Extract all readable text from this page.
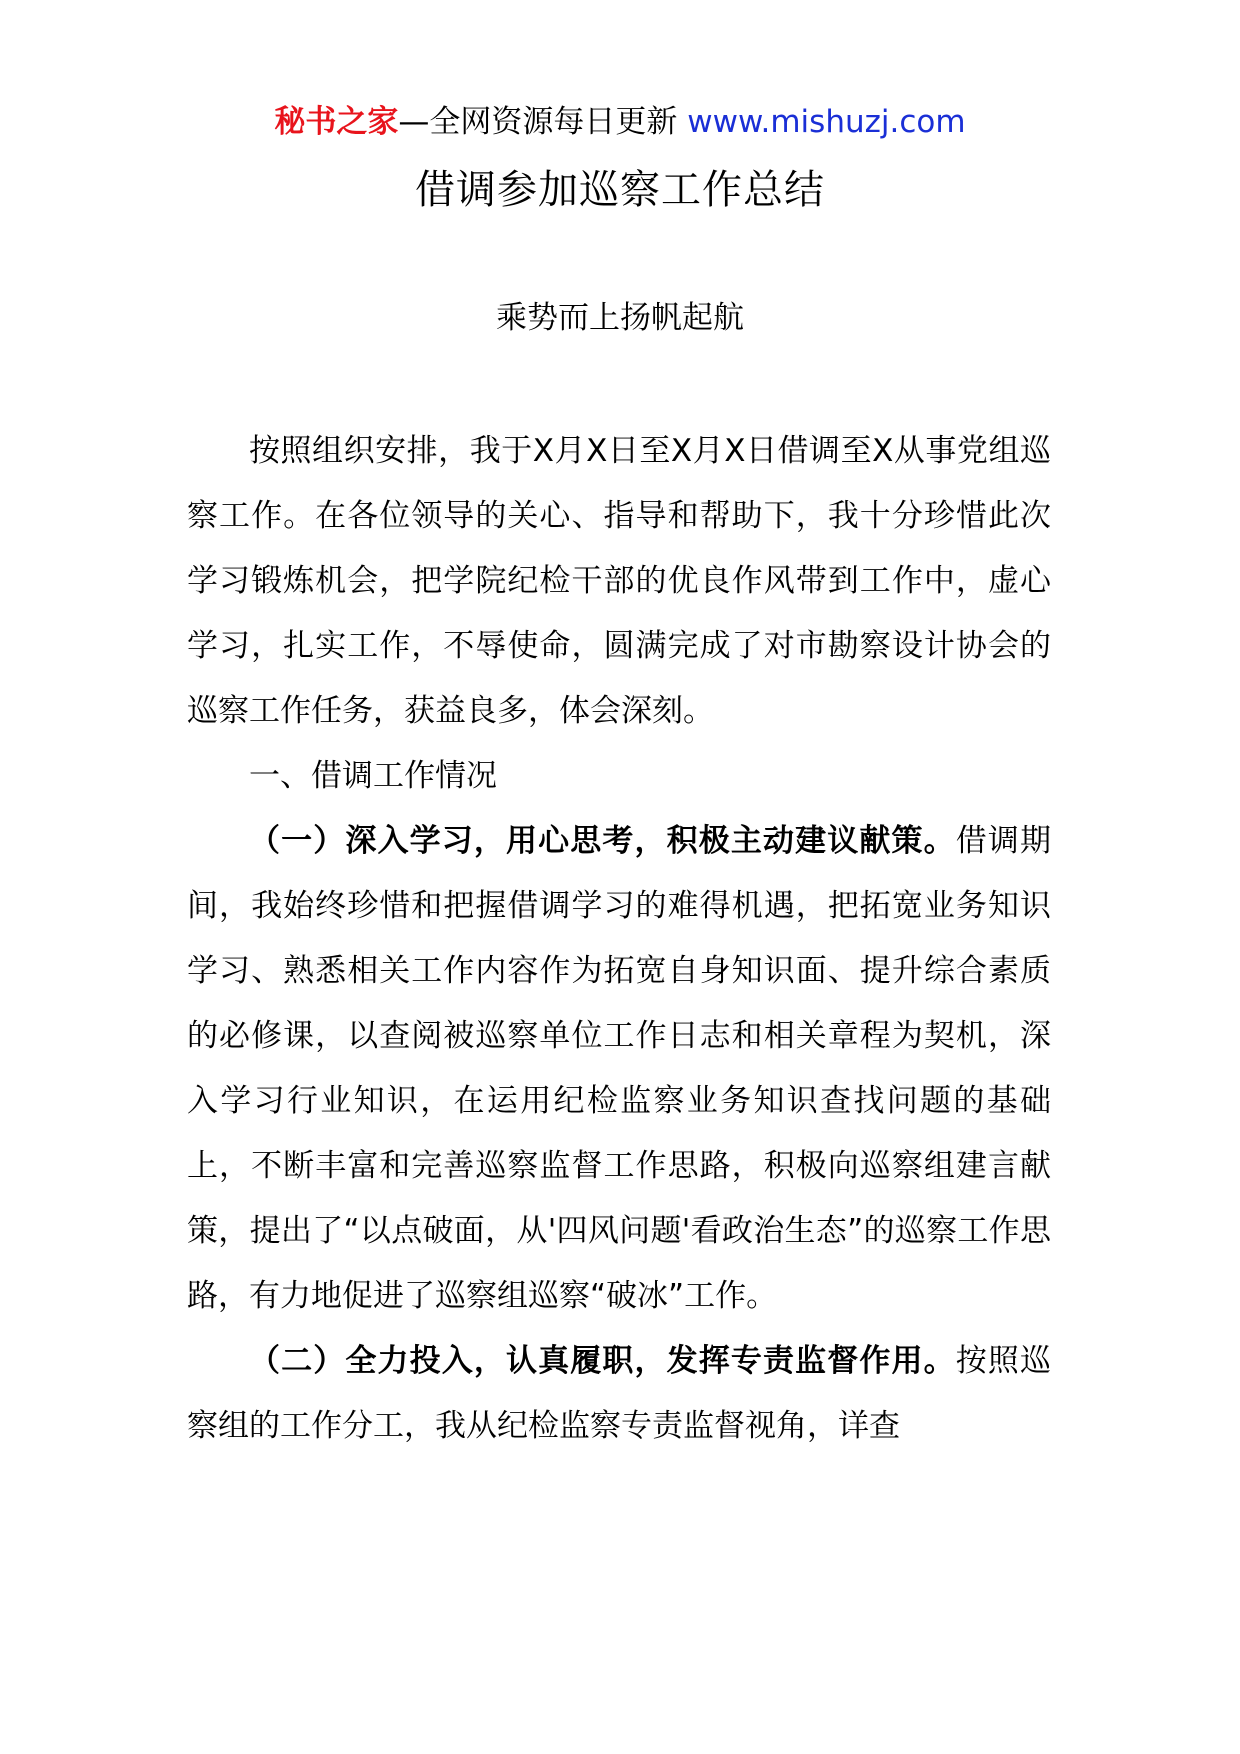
秘书之家—全网资源每日更新 www.mishuzj.com
借调参加巡察工作总结
乘势而上扬帆起航

按照组织安排，我于X月X日至X月X日借调至X从事党组巡察工作。在各位领导的关心、指导和帮助下，我十分珍惜此次学习锻炼机会，把学院纪检干部的优良作风带到工作中，虚心学习，扎实工作，不辱使命，圆满完成了对市勘察设计协会的巡察工作任务，获益良多，体会深刻。

一、借调工作情况

（一）深入学习，用心思考，积极主动建议献策。借调期间，我始终珍惜和把握借调学习的难得机遇，把拓宽业务知识学习、熟悉相关工作内容作为拓宽自身知识面、提升综合素质的必修课，以查阅被巡察单位工作日志和相关章程为契机，深入学习行业知识，在运用纪检监察业务知识查找问题的基础上，不断丰富和完善巡察监督工作思路，积极向巡察组建言献策，提出了“以点破面，从'四风问题'看政治生态”的巡察工作思路，有力地促进了巡察组巡察“破冰”工作。

（二）全力投入，认真履职，发挥专责监督作用。按照巡察组的工作分工，我从纪检监察专责监督视角，详查
